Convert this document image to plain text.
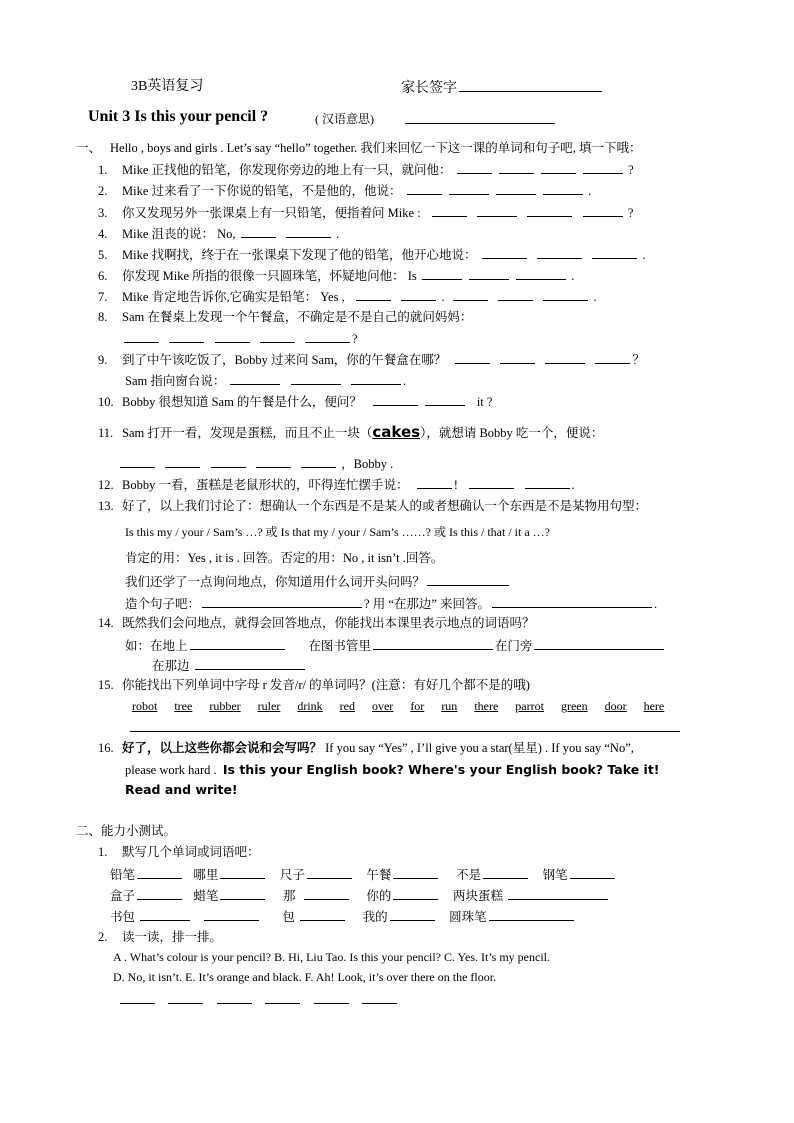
3B英语复习	家长签字
Unit 3 Is this your pencil ?	( 汉语意思)
一、 Hello , boys and girls . Let’s say “hello” together. 我们来回忆一下这一课的单词和句子吧, 填一下哦：
1. Mike 正找他的铅笔，你发现你旁边的地上有一只，就问他：	?
2. Mike 过来看了一下你说的铅笔，不是他的，他说：	.
3. 你又发现另外一张课桌上有一只铅笔，便指着问 Mike :	?
4. Mike 沮丧的说： No,	.
5. Mike 找啊找，终于在一张课桌下发现了他的铅笔，他开心地说：	.
6. 你发现 Mike 所指的很像一只圆珠笔，怀疑地问他： Is	.
7. Mike 肯定地告诉你,它确实是铅笔： Yes ,	.	.
8. Sam 在餐桌上发现一个午餐盒，不确定是不是自己的就问妈妈：
?
9. 到了中午该吃饭了，Bobby 过来问 Sam，你的午餐盒在哪？	？
Sam 指向窗台说：	.
10. Bobby 很想知道 Sam 的午餐是什么，便问？	it ?
11. Sam 打开一看，发现是蛋糕，而且不止一块（cakes），就想请 Bobby 吃一个，便说：
，Bobby .
12. Bobby 一看，蛋糕是老鼠形状的，吓得连忙摆手说：	!	.
13. 好了，以上我们讨论了：想确认一个东西是不是某人的或者想确认一个东西是不是某物用句型：
Is this my / your / Sam’s …? 或 Is that my / your / Sam’s ……? 或 Is this / that / it a …?
肯定的用：Yes , it is . 回答。否定的用：No , it isn’t .回答。
我们还学了一点询问地点，你知道用什么词开头问吗？
造个句子吧：	? 用 “在那边” 来回答。	.
14. 既然我们会问地点，就得会回答地点，你能找出本课里表示地点的词语吗？
如：在地上	在图书管里	在门旁
在那边
15. 你能找出下列单词中字母 r 发音/r/ 的单词吗？(注意：有好几个都不是的哦)
robot tree rubber ruler drink red over for run there parrot green door here
16. 好了，以上这些你都会说和会写吗？ If you say “Yes” , I’ll give you a star(星星) . If you say “No”,
please work hard . Is this your English book? Where's your English book? Take it!
Read and write!
二、能力小测试。
1. 默写几个单词或词语吧：
铅笔	哪里	尺子	午餐	不是	钢笔
盒子	蜡笔	那	你的	两块蛋糕
书包	包	我的	圆珠笔
2. 读一读，排一排。
A . What’s colour is your pencil? B. Hi, Liu Tao. Is this your pencil? C. Yes. It’s my pencil.
D. No, it isn’t. E. It’s orange and black. F. Ah! Look, it’s over there on the floor.
